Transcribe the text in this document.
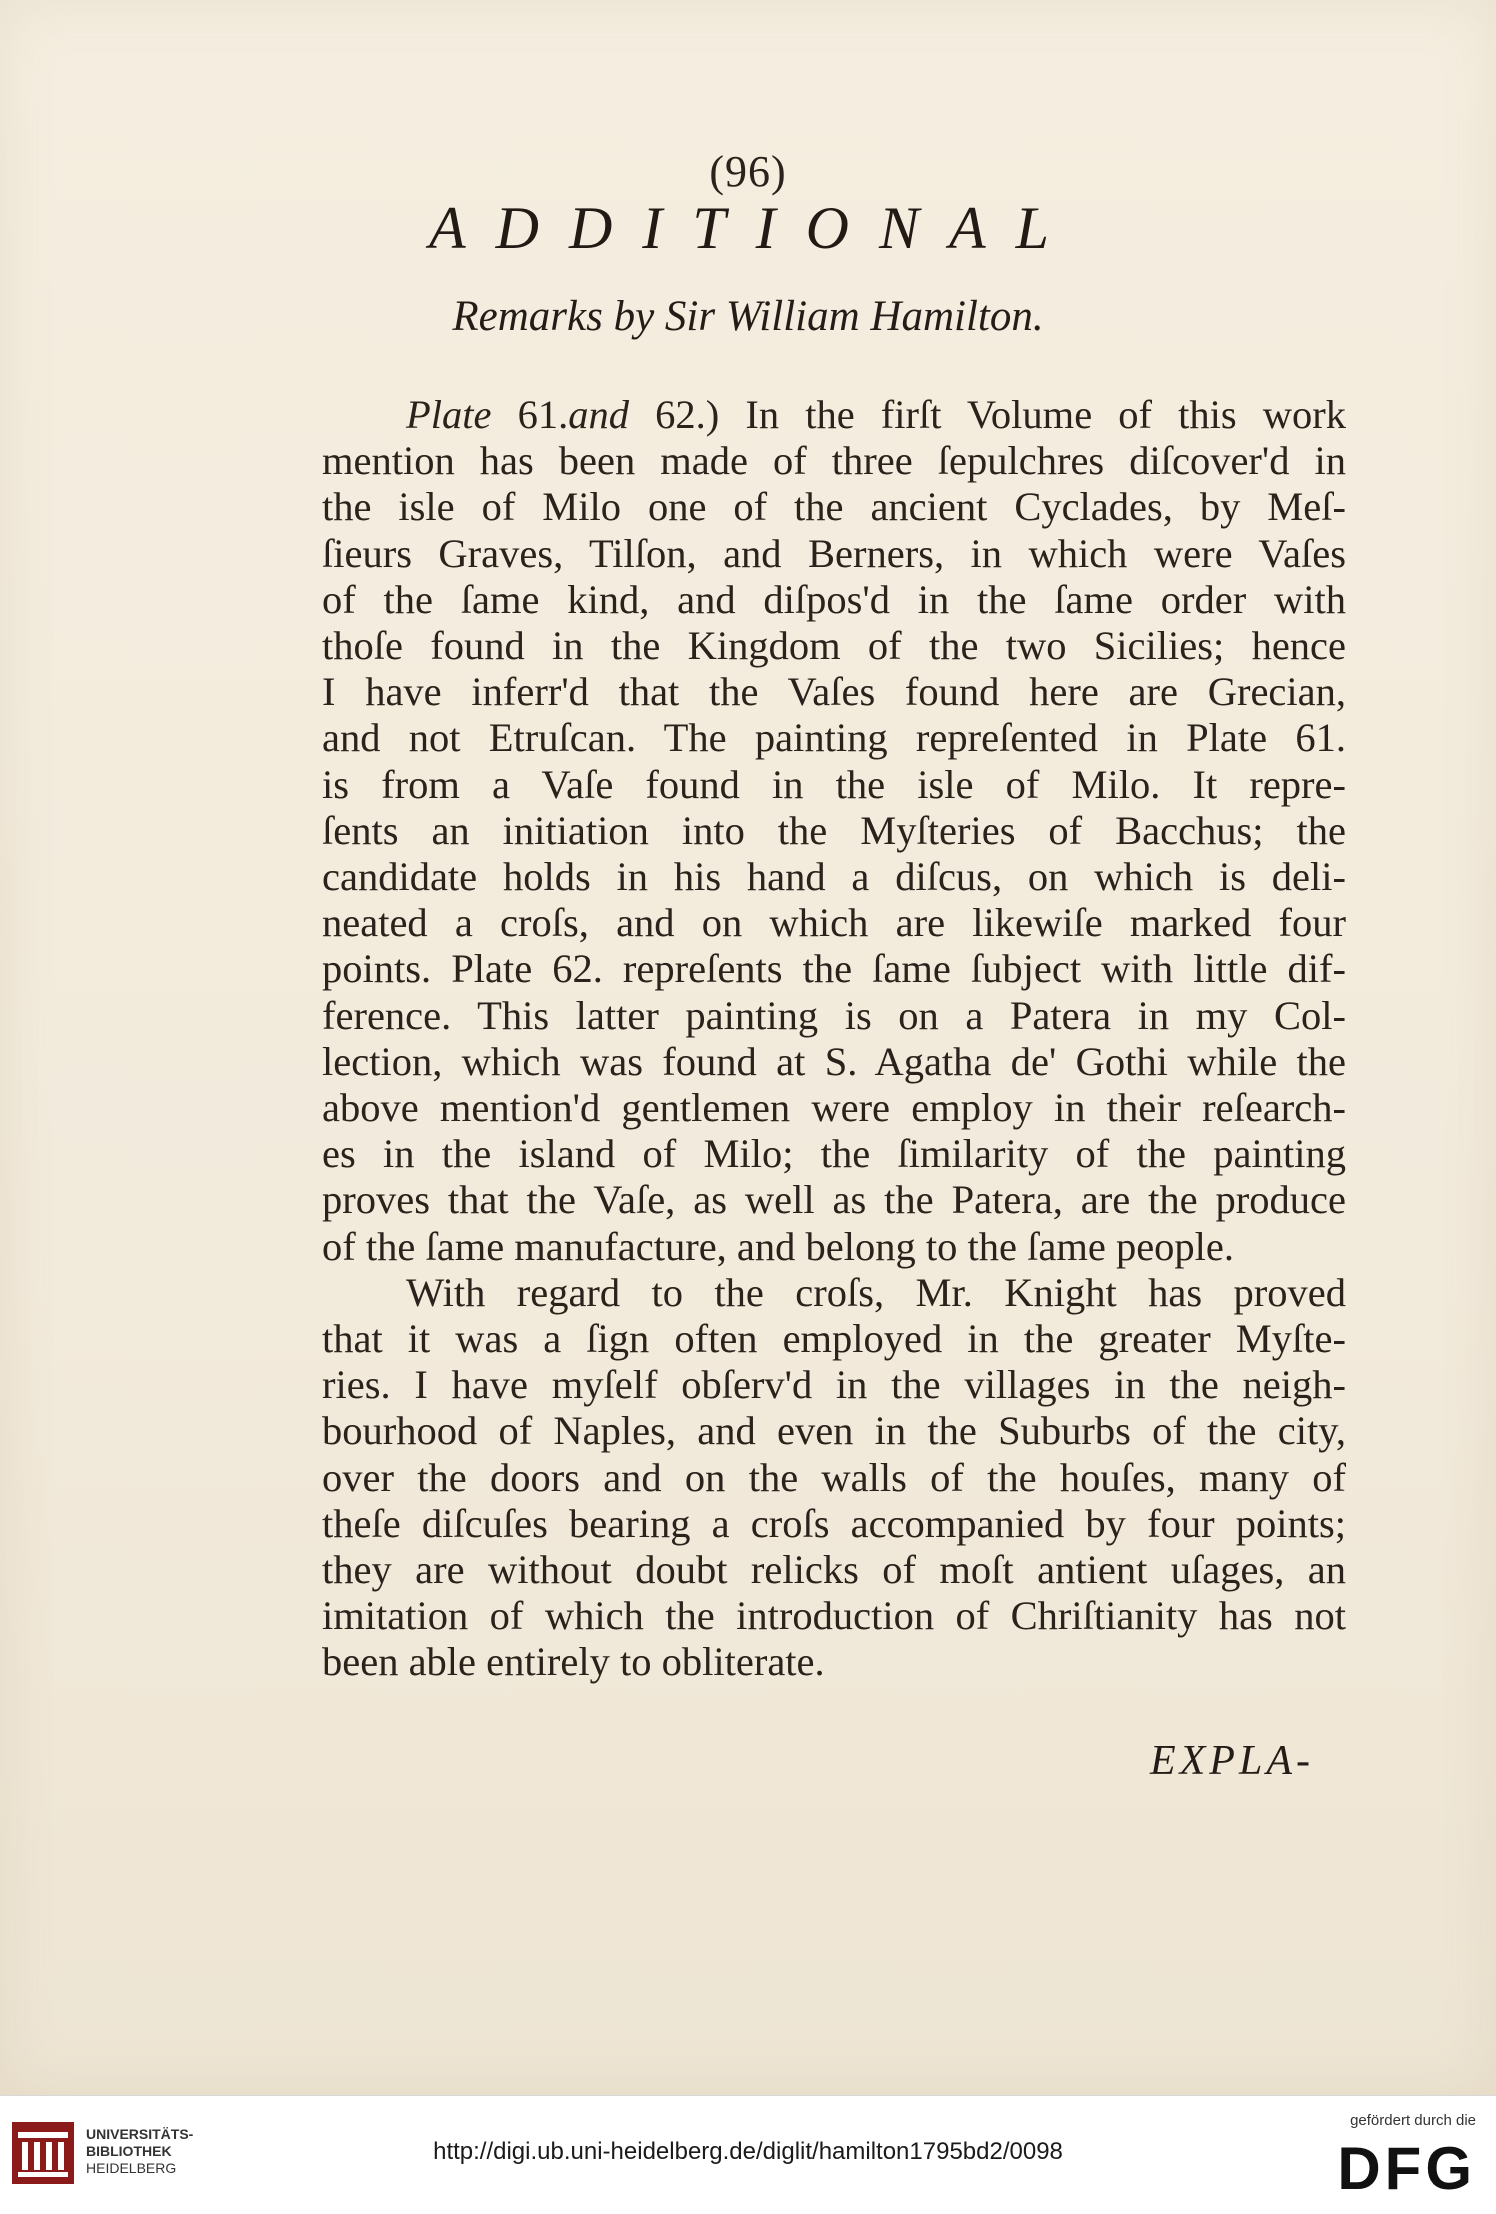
(96)
ADDITIONAL
Remarks by Sir William Hamilton.
Plate 61.and 62.) In the firſt Volume of this work
mention has been made of three ſepulchres diſcover'd in
the isle of Milo one of the ancient Cyclades, by Meſ-
ſieurs Graves, Tilſon, and Berners, in which were Vaſes
of the ſame kind, and diſpos'd in the ſame order with
thoſe found in the Kingdom of the two Sicilies; hence
I have inferr'd that the Vaſes found here are Grecian,
and not Etruſcan. The painting repreſented in Plate 61.
is from a Vaſe found in the isle of Milo. It repre-
ſents an initiation into the Myſteries of Bacchus; the
candidate holds in his hand a diſcus, on which is deli-
neated a croſs, and on which are likewiſe marked four
points. Plate 62. repreſents the ſame ſubject with little dif-
ference. This latter painting is on a Patera in my Col-
lection, which was found at S. Agatha de' Gothi while the
above mention'd gentlemen were employ in their reſearch-
es in the island of Milo; the ſimilarity of the painting
proves that the Vaſe, as well as the Patera, are the produce
of the ſame manufacture, and belong to the ſame people.
With regard to the croſs, Mr. Knight has proved
that it was a ſign often employed in the greater Myſte-
ries. I have myſelf obſerv'd in the villages in the neigh-
bourhood of Naples, and even in the Suburbs of the city,
over the doors and on the walls of the houſes, many of
theſe diſcuſes bearing a croſs accompanied by four points;
they are without doubt relicks of moſt antient uſages, an
imitation of which the introduction of Chriſtianity has not
been able entirely to obliterate.
EXPLA-
UNIVERSITÄTS-
BIBLIOTHEK
HEIDELBERG
http://digi.ub.uni-heidelberg.de/diglit/hamilton1795bd2/0098
gefördert durch die
DFG
